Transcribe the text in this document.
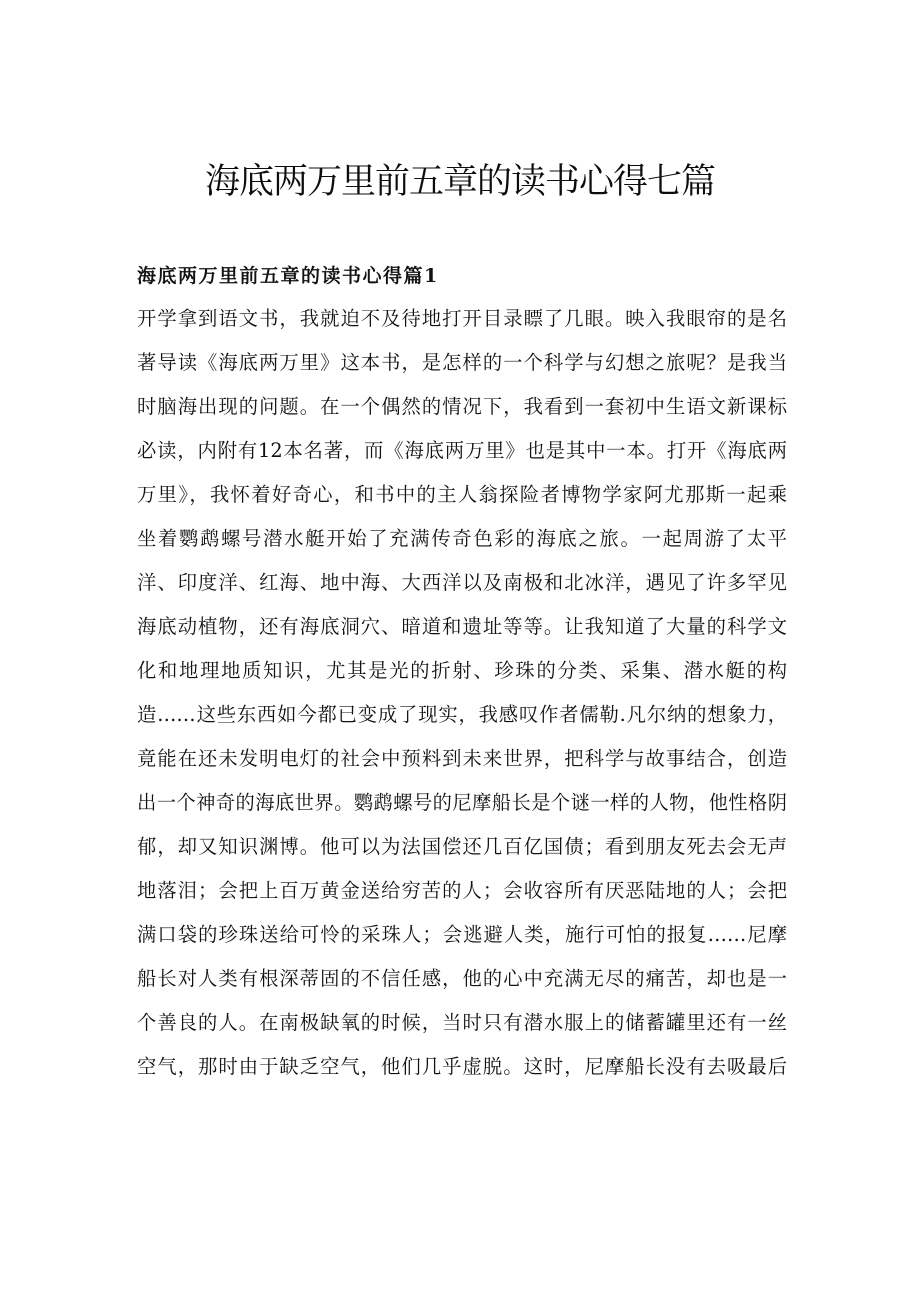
海底两万里前五章的读书心得七篇
海底两万里前五章的读书心得篇1
开学拿到语文书，我就迫不及待地打开目录瞟了几眼。映入我眼帘的是名
著导读《海底两万里》这本书，是怎样的一个科学与幻想之旅呢？是我当
时脑海出现的问题。在一个偶然的情况下，我看到一套初中生语文新课标
必读，内附有12本名著，而《海底两万里》也是其中一本。打开《海底两
万里》，我怀着好奇心，和书中的主人翁探险者博物学家阿尤那斯一起乘
坐着鹦鹉螺号潜水艇开始了充满传奇色彩的海底之旅。一起周游了太平
洋、印度洋、红海、地中海、大西洋以及南极和北冰洋，遇见了许多罕见
海底动植物，还有海底洞穴、暗道和遗址等等。让我知道了大量的科学文
化和地理地质知识，尤其是光的折射、珍珠的分类、采集、潜水艇的构
造……这些东西如今都已变成了现实，我感叹作者儒勒.凡尔纳的想象力，
竟能在还未发明电灯的社会中预料到未来世界，把科学与故事结合，创造
出一个神奇的海底世界。鹦鹉螺号的尼摩船长是个谜一样的人物，他性格阴
郁，却又知识渊博。他可以为法国偿还几百亿国债；看到朋友死去会无声
地落泪；会把上百万黄金送给穷苦的人；会收容所有厌恶陆地的人；会把
满口袋的珍珠送给可怜的采珠人；会逃避人类，施行可怕的报复……尼摩
船长对人类有根深蒂固的不信任感，他的心中充满无尽的痛苦，却也是一
个善良的人。在南极缺氧的时候，当时只有潜水服上的储蓄罐里还有一丝
空气，那时由于缺乏空气，他们几乎虚脱。这时，尼摩船长没有去吸最后
